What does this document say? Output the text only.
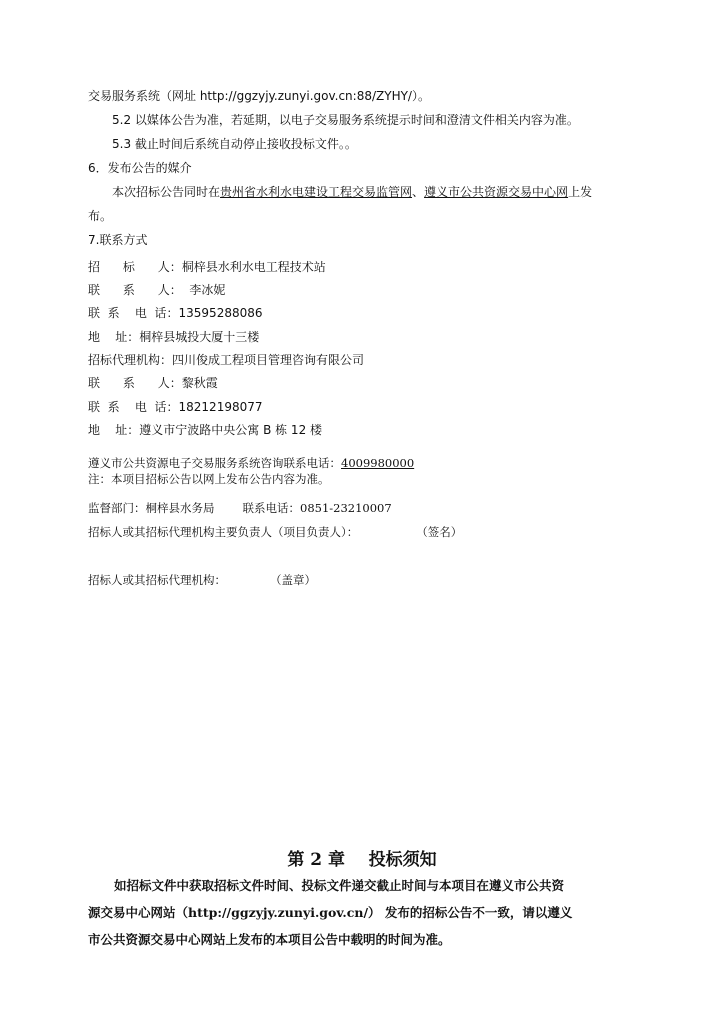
交易服务系统（网址 http://ggzyjy.zunyi.gov.cn:88/ZYHY/）。
5.2 以媒体公告为准，若延期，以电子交易服务系统提示时间和澄清文件相关内容为准。
5.3 截止时间后系统自动停止接收投标文件。。
6．发布公告的媒介
本次招标公告同时在贵州省水利水电建设工程交易监管网、遵义市公共资源交易中心网上发
布。
7.联系方式
招      标      人：桐梓县水利水电工程技术站
联      系      人：  李冰妮
联  系    电  话：13595288086
地    址：桐梓县城投大厦十三楼
招标代理机构：四川俊成工程项目管理咨询有限公司
联      系      人：黎秋霞
联  系    电  话：18212198077
地    址：遵义市宁波路中央公寓 B 栋 12 楼
遵义市公共资源电子交易服务系统咨询联系电话：4009980000
注：本项目招标公告以网上发布公告内容为准。
监督部门：桐梓县水务局 联系电话：0851-23210007
招标人或其招标代理机构主要负责人（项目负责人）：	（签名）
招标人或其招标代理机构：	（盖章）
第 2 章    投标须知
如招标文件中获取招标文件时间、投标文件递交截止时间与本项目在遵义市公共资
源交易中心网站（http://ggzyjy.zunyi.gov.cn/） 发布的招标公告不一致，请以遵义
市公共资源交易中心网站上发布的本项目公告中载明的时间为准。
